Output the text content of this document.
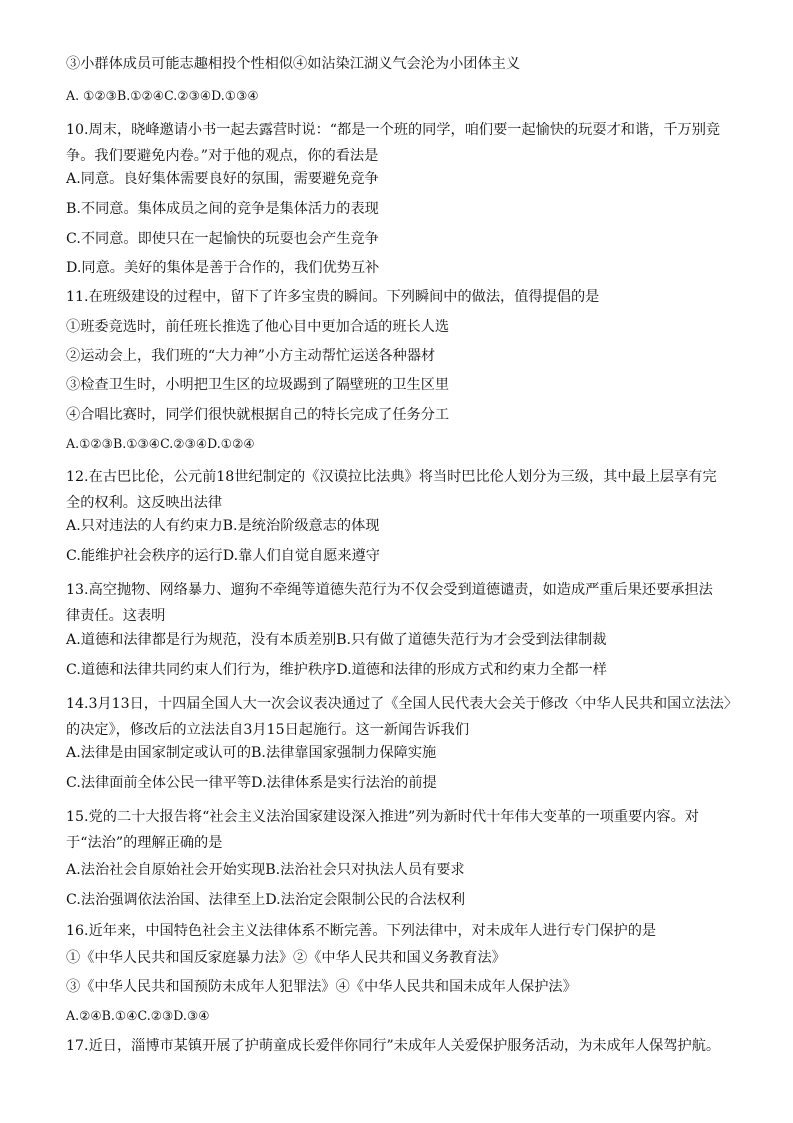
③小群体成员可能志趣相投个性相似④如沾染江湖义气会沦为小团体主义
A. ①②③B.①②④C.②③④D.①③④
10.周末，晓峰邀请小书一起去露营时说：“都是一个班的同学，咱们要一起愉快的玩耍才和谐，千万别竞
争。我们要避免内卷。”对于他的观点，你的看法是
A.同意。良好集体需要良好的氛围，需要避免竞争
B.不同意。集体成员之间的竞争是集体活力的表现
C.不同意。即使只在一起愉快的玩耍也会产生竞争
D.同意。美好的集体是善于合作的，我们优势互补
11.在班级建设的过程中，留下了许多宝贵的瞬间。下列瞬间中的做法，值得提倡的是
①班委竞选时，前任班长推选了他心目中更加合适的班长人选
②运动会上，我们班的“大力神”小方主动帮忙运送各种器材
③检查卫生时，小明把卫生区的垃圾踢到了隔壁班的卫生区里
④合唱比赛时，同学们很快就根据自己的特长完成了任务分工
A.①②③B.①③④C.②③④D.①②④
12.在古巴比伦，公元前18世纪制定的《汉谟拉比法典》将当时巴比伦人划分为三级，其中最上层享有完
全的权利。这反映出法律
A.只对违法的人有约束力B.是统治阶级意志的体现
C.能维护社会秩序的运行D.靠人们自觉自愿来遵守
13.高空抛物、网络暴力、遛狗不牵绳等道德失范行为不仅会受到道德谴责，如造成严重后果还要承担法
律责任。这表明
A.道德和法律都是行为规范，没有本质差别B.只有做了道德失范行为才会受到法律制裁
C.道德和法律共同约束人们行为，维护秩序D.道德和法律的形成方式和约束力全都一样
14.3月13日，十四届全国人大一次会议表决通过了《全国人民代表大会关于修改〈中华人民共和国立法法〉
的决定》，修改后的立法法自3月15日起施行。这一新闻告诉我们
A.法律是由国家制定或认可的B.法律靠国家强制力保障实施
C.法律面前全体公民一律平等D.法律体系是实行法治的前提
15.党的二十大报告将“社会主义法治国家建设深入推进”列为新时代十年伟大变革的一项重要内容。对
于“法治”的理解正确的是
A.法治社会自原始社会开始实现B.法治社会只对执法人员有要求
C.法治强调依法治国、法律至上D.法治定会限制公民的合法权利
16.近年来，中国特色社会主义法律体系不断完善。下列法律中，对未成年人进行专门保护的是
①《中华人民共和国反家庭暴力法》②《中华人民共和国义务教育法》
③《中华人民共和国预防未成年人犯罪法》④《中华人民共和国未成年人保护法》
A.②④B.①④C.②③D.③④
17.近日，淄博市某镇开展了护萌童成长爱伴你同行”未成年人关爱保护服务活动，为未成年人保驾护航。
